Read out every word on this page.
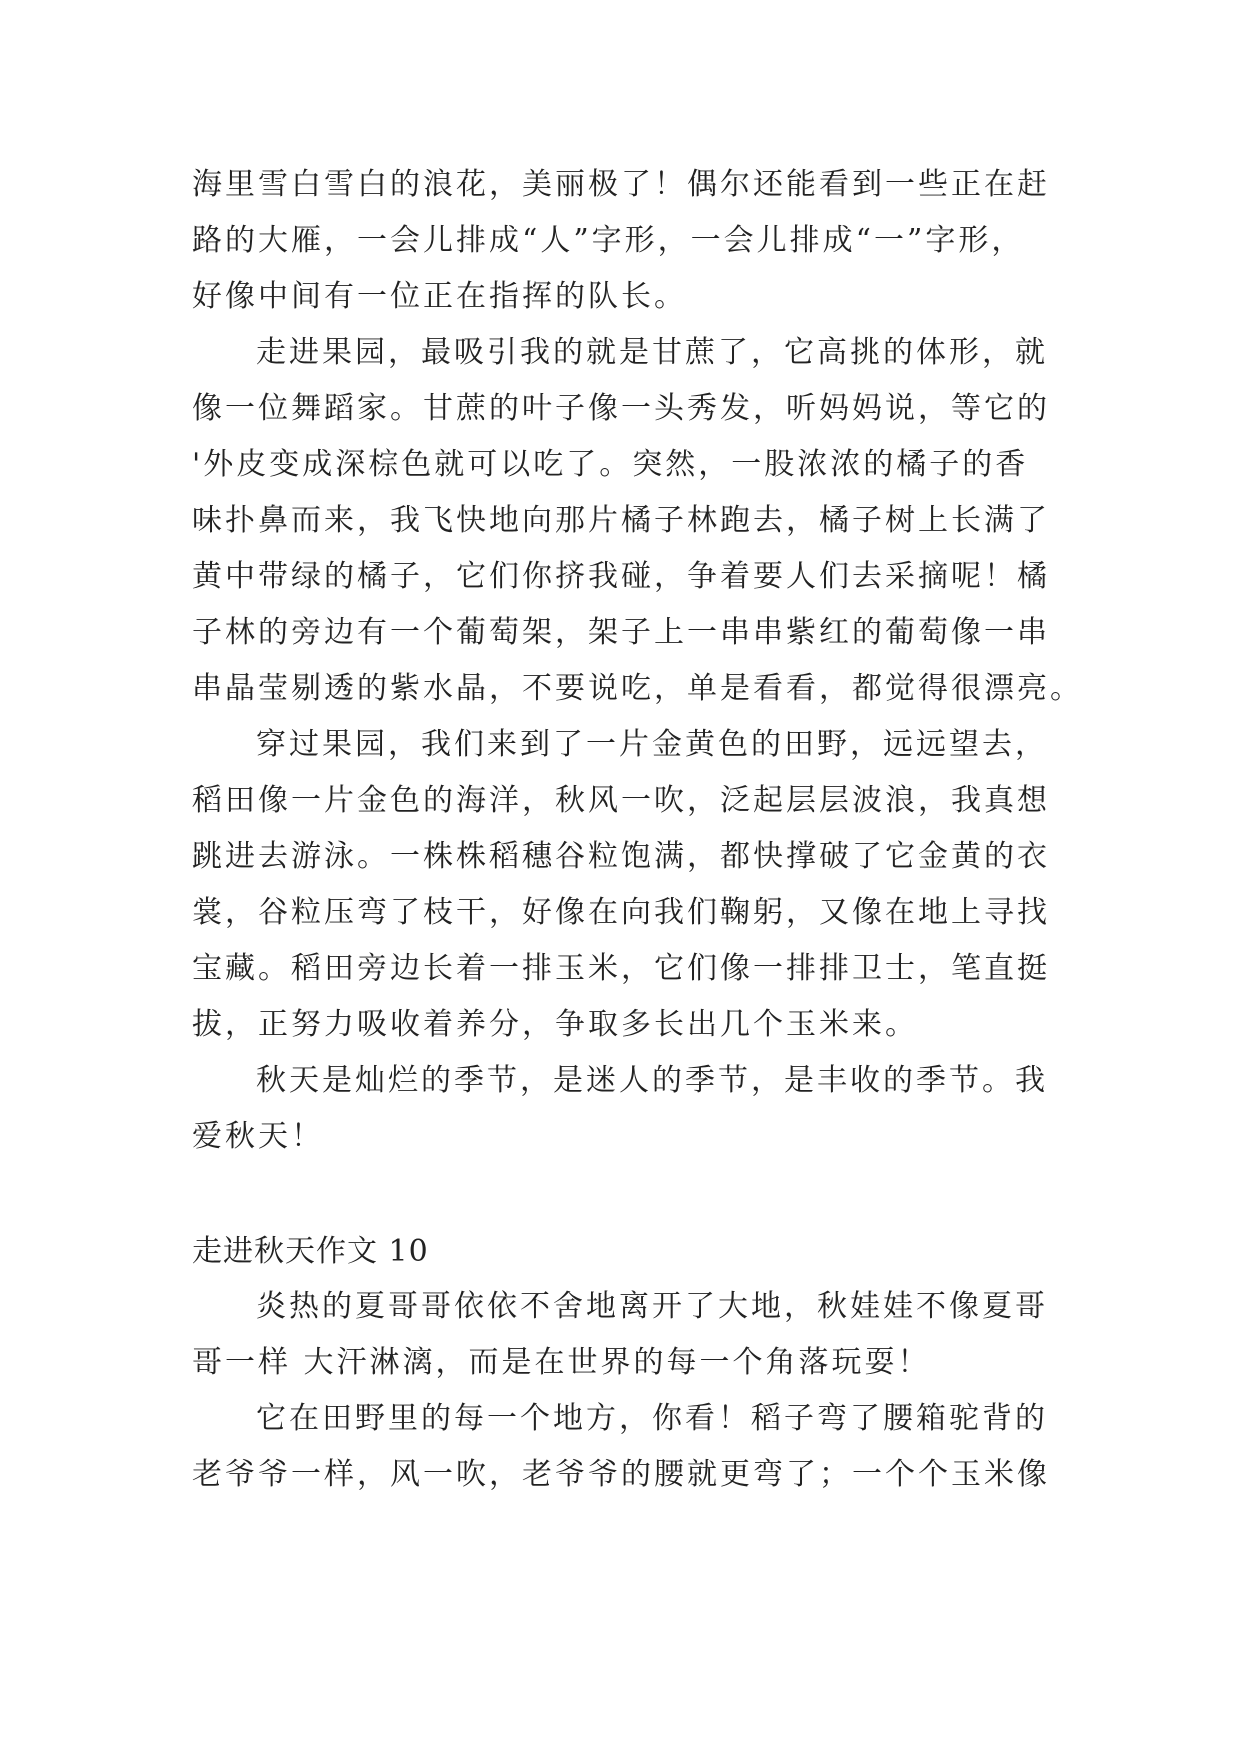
海里雪白雪白的浪花，美丽极了！偶尔还能看到一些正在赶
路的大雁，一会儿排成“人”字形，一会儿排成“一”字形，
好像中间有一位正在指挥的队长。
走进果园，最吸引我的就是甘蔗了，它高挑的体形，就
像一位舞蹈家。甘蔗的叶子像一头秀发，听妈妈说，等它的
'外皮变成深棕色就可以吃了。突然，一股浓浓的橘子的香
味扑鼻而来，我飞快地向那片橘子林跑去，橘子树上长满了
黄中带绿的橘子，它们你挤我碰，争着要人们去采摘呢！橘
子林的旁边有一个葡萄架，架子上一串串紫红的葡萄像一串
串晶莹剔透的紫水晶，不要说吃，单是看看，都觉得很漂亮。
穿过果园，我们来到了一片金黄色的田野，远远望去，
稻田像一片金色的海洋，秋风一吹，泛起层层波浪，我真想
跳进去游泳。一株株稻穗谷粒饱满，都快撑破了它金黄的衣
裳，谷粒压弯了枝干，好像在向我们鞠躬，又像在地上寻找
宝藏。稻田旁边长着一排玉米，它们像一排排卫士，笔直挺
拔，正努力吸收着养分，争取多长出几个玉米来。
秋天是灿烂的季节，是迷人的季节，是丰收的季节。我
爱秋天！
走进秋天作文 10
炎热的夏哥哥依依不舍地离开了大地，秋娃娃不像夏哥
哥一样 大汗淋漓，而是在世界的每一个角落玩耍！
它在田野里的每一个地方，你看！稻子弯了腰箱驼背的
老爷爷一样，风一吹，老爷爷的腰就更弯了；一个个玉米像
